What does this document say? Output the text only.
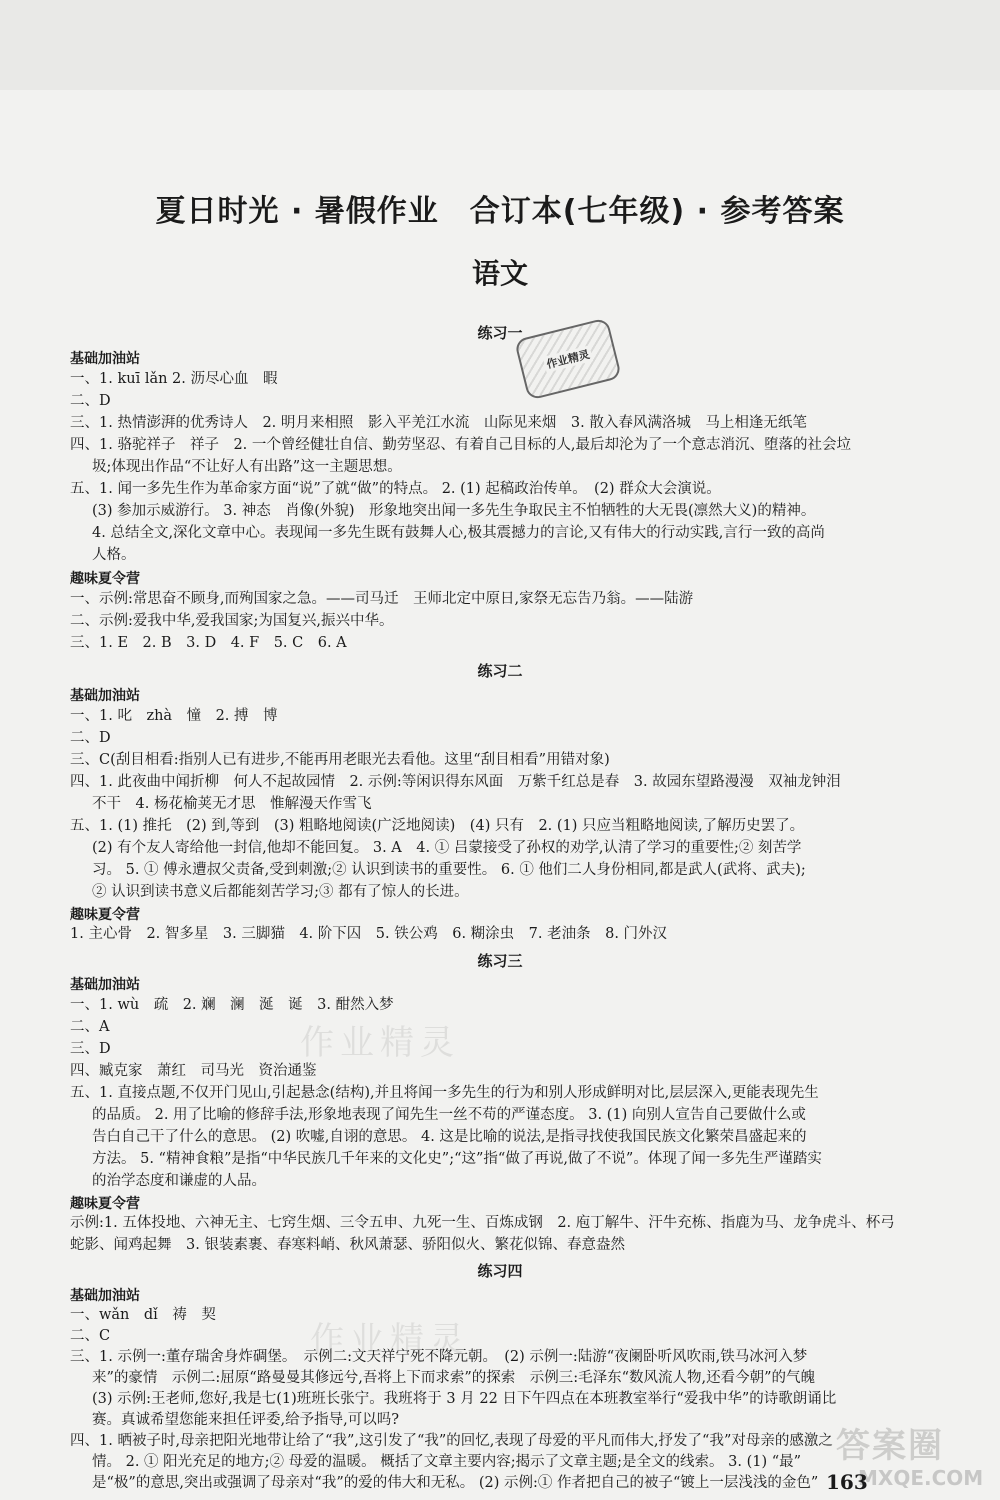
夏日时光 · 暑假作业　合订本(七年级) · 参考答案
语文
作业精灵
作业精灵
作业精灵
练习一
基础加油站
一、1. kuī lǎn 2. 沥尽心血　暇
二、D
三、1. 热情澎湃的优秀诗人　2. 明月来相照　影入平羌江水流　山际见来烟　3. 散入春风满洛城　马上相逢无纸笔
四、1. 骆驼祥子　祥子　2. 一个曾经健壮自信、勤劳坚忍、有着自己目标的人,最后却沦为了一个意志消沉、堕落的社会垃
圾;体现出作品“不让好人有出路”这一主题思想。
五、1. 闻一多先生作为革命家方面“说”了就“做”的特点。 2. (1) 起稿政治传单。　(2) 群众大会演说。
(3) 参加示威游行。 3. 神态　肖像(外貌)　形象地突出闻一多先生争取民主不怕牺牲的大无畏(凛然大义)的精神。
4. 总结全文,深化文章中心。表现闻一多先生既有鼓舞人心,极其震撼力的言论,又有伟大的行动实践,言行一致的高尚
人格。
趣味夏令营
一、示例:常思奋不顾身,而殉国家之急。——司马迁　王师北定中原日,家祭无忘告乃翁。——陆游
二、示例:爱我中华,爱我国家;为国复兴,振兴中华。
三、1. E　2. B　3. D　4. F　5. C　6. A
练习二
基础加油站
一、1. 叱　zhà　憧　2. 搏　博
二、D
三、C(刮目相看:指别人已有进步,不能再用老眼光去看他。这里“刮目相看”用错对象)
四、1. 此夜曲中闻折柳　何人不起故园情　2. 示例:等闲识得东风面　万紫千红总是春　3. 故园东望路漫漫　双袖龙钟泪
不干　4. 杨花榆荚无才思　惟解漫天作雪飞
五、1. (1) 推托　(2) 到,等到　(3) 粗略地阅读(广泛地阅读)　(4) 只有　2. (1) 只应当粗略地阅读,了解历史罢了。
(2) 有个友人寄给他一封信,他却不能回复。 3. A　4. ① 吕蒙接受了孙权的劝学,认清了学习的重要性;② 刻苦学
习。 5. ① 傅永遭叔父责备,受到刺激;② 认识到读书的重要性。 6. ① 他们二人身份相同,都是武人(武将、武夫);
② 认识到读书意义后都能刻苦学习;③ 都有了惊人的长进。
趣味夏令营
1. 主心骨　2. 智多星　3. 三脚猫　4. 阶下囚　5. 铁公鸡　6. 糊涂虫　7. 老油条　8. 门外汉
练习三
基础加油站
一、1. wù　疏　2. 斓　澜　涎　诞　3. 酣然入梦
二、A
三、D
四、臧克家　萧红　司马光　资治通鉴
五、1. 直接点题,不仅开门见山,引起悬念(结构),并且将闻一多先生的行为和别人形成鲜明对比,层层深入,更能表现先生
的品质。 2. 用了比喻的修辞手法,形象地表现了闻先生一丝不苟的严谨态度。 3. (1) 向别人宣告自己要做什么或
告白自己干了什么的意思。 (2) 吹嘘,自诩的意思。 4. 这是比喻的说法,是指寻找使我国民族文化繁荣昌盛起来的
方法。 5. “精神食粮”是指“中华民族几千年来的文化史”;“这”指“做了再说,做了不说”。体现了闻一多先生严谨踏实
的治学态度和谦虚的人品。
趣味夏令营
示例:1. 五体投地、六神无主、七窍生烟、三令五申、九死一生、百炼成钢　2. 庖丁解牛、汗牛充栋、指鹿为马、龙争虎斗、杯弓
蛇影、闻鸡起舞　3. 银装素裹、春寒料峭、秋风萧瑟、骄阳似火、繁花似锦、春意盎然
练习四
基础加油站
一、wǎn　dǐ　祷　契
二、C
三、1. 示例一:董存瑞舍身炸碉堡。　示例二:文天祥宁死不降元朝。　(2) 示例一:陆游“夜阑卧听风吹雨,铁马冰河入梦
来”的豪情　示例二:屈原“路曼曼其修远兮,吾将上下而求索”的探索　示例三:毛泽东“数风流人物,还看今朝”的气魄
(3) 示例:王老师,您好,我是七(1)班班长张宁。我班将于 3 月 22 日下午四点在本班教室举行“爱我中华”的诗歌朗诵比
赛。真诚希望您能来担任评委,给予指导,可以吗?
四、1. 晒被子时,母亲把阳光地带让给了“我”,这引发了“我”的回忆,表现了母爱的平凡而伟大,抒发了“我”对母亲的感激之
情。 2. ① 阳光充足的地方;② 母爱的温暖。 概括了文章主要内容;揭示了文章主题;是全文的线索。 3. (1) “最”
是“极”的意思,突出或强调了母亲对“我”的爱的伟大和无私。 (2) 示例:① 作者把自己的被子“镀上一层浅浅的金色”
答案圈
MXQE.COM
163
